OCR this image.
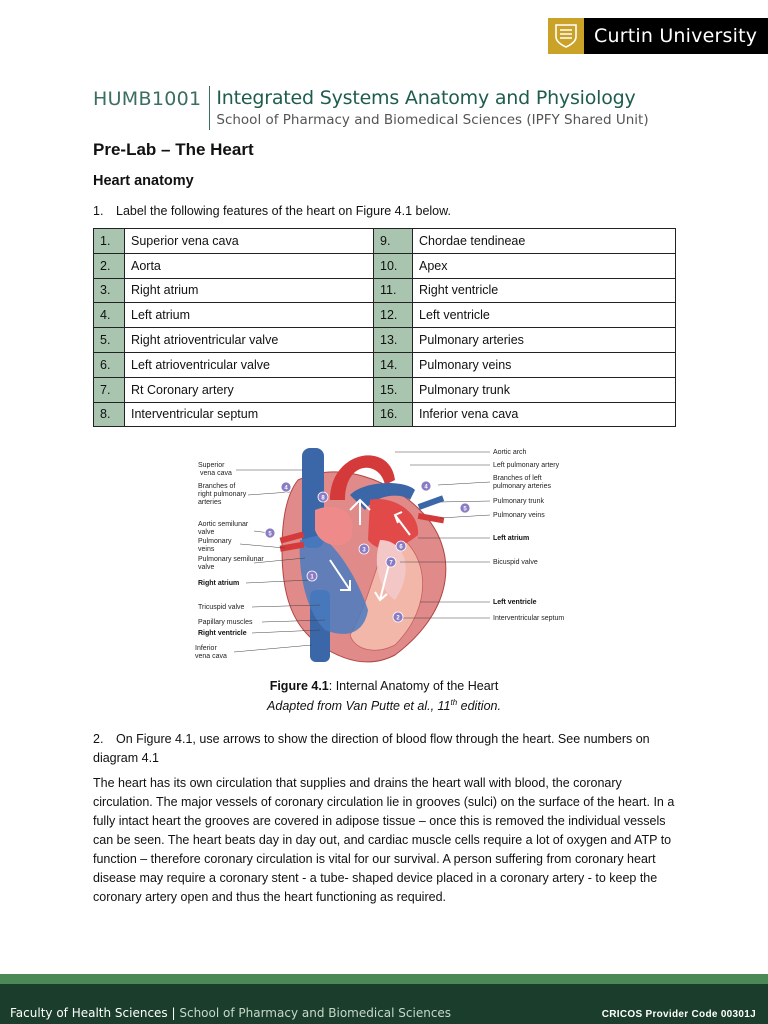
Curtin University
HUMB1001 Integrated Systems Anatomy and Physiology
School of Pharmacy and Biomedical Sciences (IPFY Shared Unit)
Pre-Lab – The Heart
Heart anatomy
1. Label the following features of the heart on Figure 4.1 below.
1.	Superior vena cava	9.	Chordae tendineae
2.	Aorta	10.	Apex
3.	Right atrium	11.	Right ventricle
4.	Left atrium	12.	Left ventricle
5.	Right atrioventricular valve	13.	Pulmonary arteries
6.	Left atrioventricular valve	14.	Pulmonary veins
7.	Rt Coronary artery	15.	Pulmonary trunk
8.	Interventricular septum	16.	Inferior vena cava
Superior
vena cava
Branches of
right pulmonary
arteries
Aortic semilunar
valve
Pulmonary
veins
Pulmonary semilunar
valve
Right atrium
Tricuspid valve
Papillary muscles
Right ventricle
Inferior
vena cava
Aortic arch
Left pulmonary artery
Branches of left
pulmonary arteries
Pulmonary trunk
Pulmonary veins
Left atrium
Bicuspid valve
Left ventricle
Interventricular septum
1
2
3
4	4
5
5
6
7
8
Figure 4.1: Internal Anatomy of the Heart
Adapted from Van Putte et al., 11th edition.
2. On Figure 4.1, use arrows to show the direction of blood flow through the heart. See numbers on diagram 4.1
The heart has its own circulation that supplies and drains the heart wall with blood, the coronary circulation. The major vessels of coronary circulation lie in grooves (sulci) on the surface of the heart. In a fully intact heart the grooves are covered in adipose tissue – once this is removed the individual vessels can be seen. The heart beats day in day out, and cardiac muscle cells require a lot of oxygen and ATP to function – therefore coronary circulation is vital for our survival. A person suffering from coronary heart disease may require a coronary stent - a tube- shaped device placed in a coronary artery - to keep the coronary artery open and thus the heart functioning as required.
Faculty of Health Sciences | School of Pharmacy and Biomedical Sciences	CRICOS Provider Code 00301J
